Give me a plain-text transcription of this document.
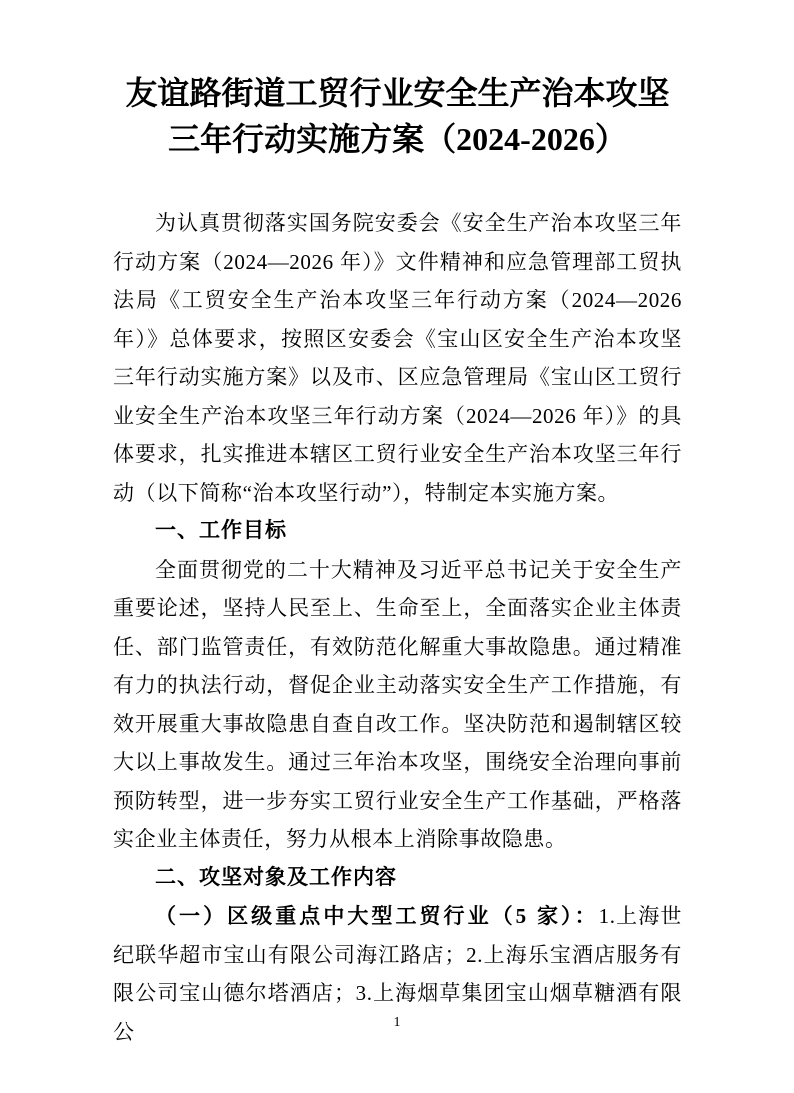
友谊路街道工贸行业安全生产治本攻坚
三年行动实施方案（2024-2026）

为认真贯彻落实国务院安委会《安全生产治本攻坚三年行动方案（2024—2026 年）》文件精神和应急管理部工贸执法局《工贸安全生产治本攻坚三年行动方案（2024—2026 年）》总体要求，按照区安委会《宝山区安全生产治本攻坚三年行动实施方案》以及市、区应急管理局《宝山区工贸行业安全生产治本攻坚三年行动方案（2024—2026 年）》的具体要求，扎实推进本辖区工贸行业安全生产治本攻坚三年行动（以下简称“治本攻坚行动”），特制定本实施方案。

一、工作目标

全面贯彻党的二十大精神及习近平总书记关于安全生产重要论述，坚持人民至上、生命至上，全面落实企业主体责任、部门监管责任，有效防范化解重大事故隐患。通过精准有力的执法行动，督促企业主动落实安全生产工作措施，有效开展重大事故隐患自查自改工作。坚决防范和遏制辖区较大以上事故发生。通过三年治本攻坚，围绕安全治理向事前预防转型，进一步夯实工贸行业安全生产工作基础，严格落实企业主体责任，努力从根本上消除事故隐患。

二、攻坚对象及工作内容

（一）区级重点中大型工贸行业（5 家）：1.上海世纪联华超市宝山有限公司海江路店；2.上海乐宝酒店服务有限公司宝山德尔塔酒店；3.上海烟草集团宝山烟草糖酒有限公	1
